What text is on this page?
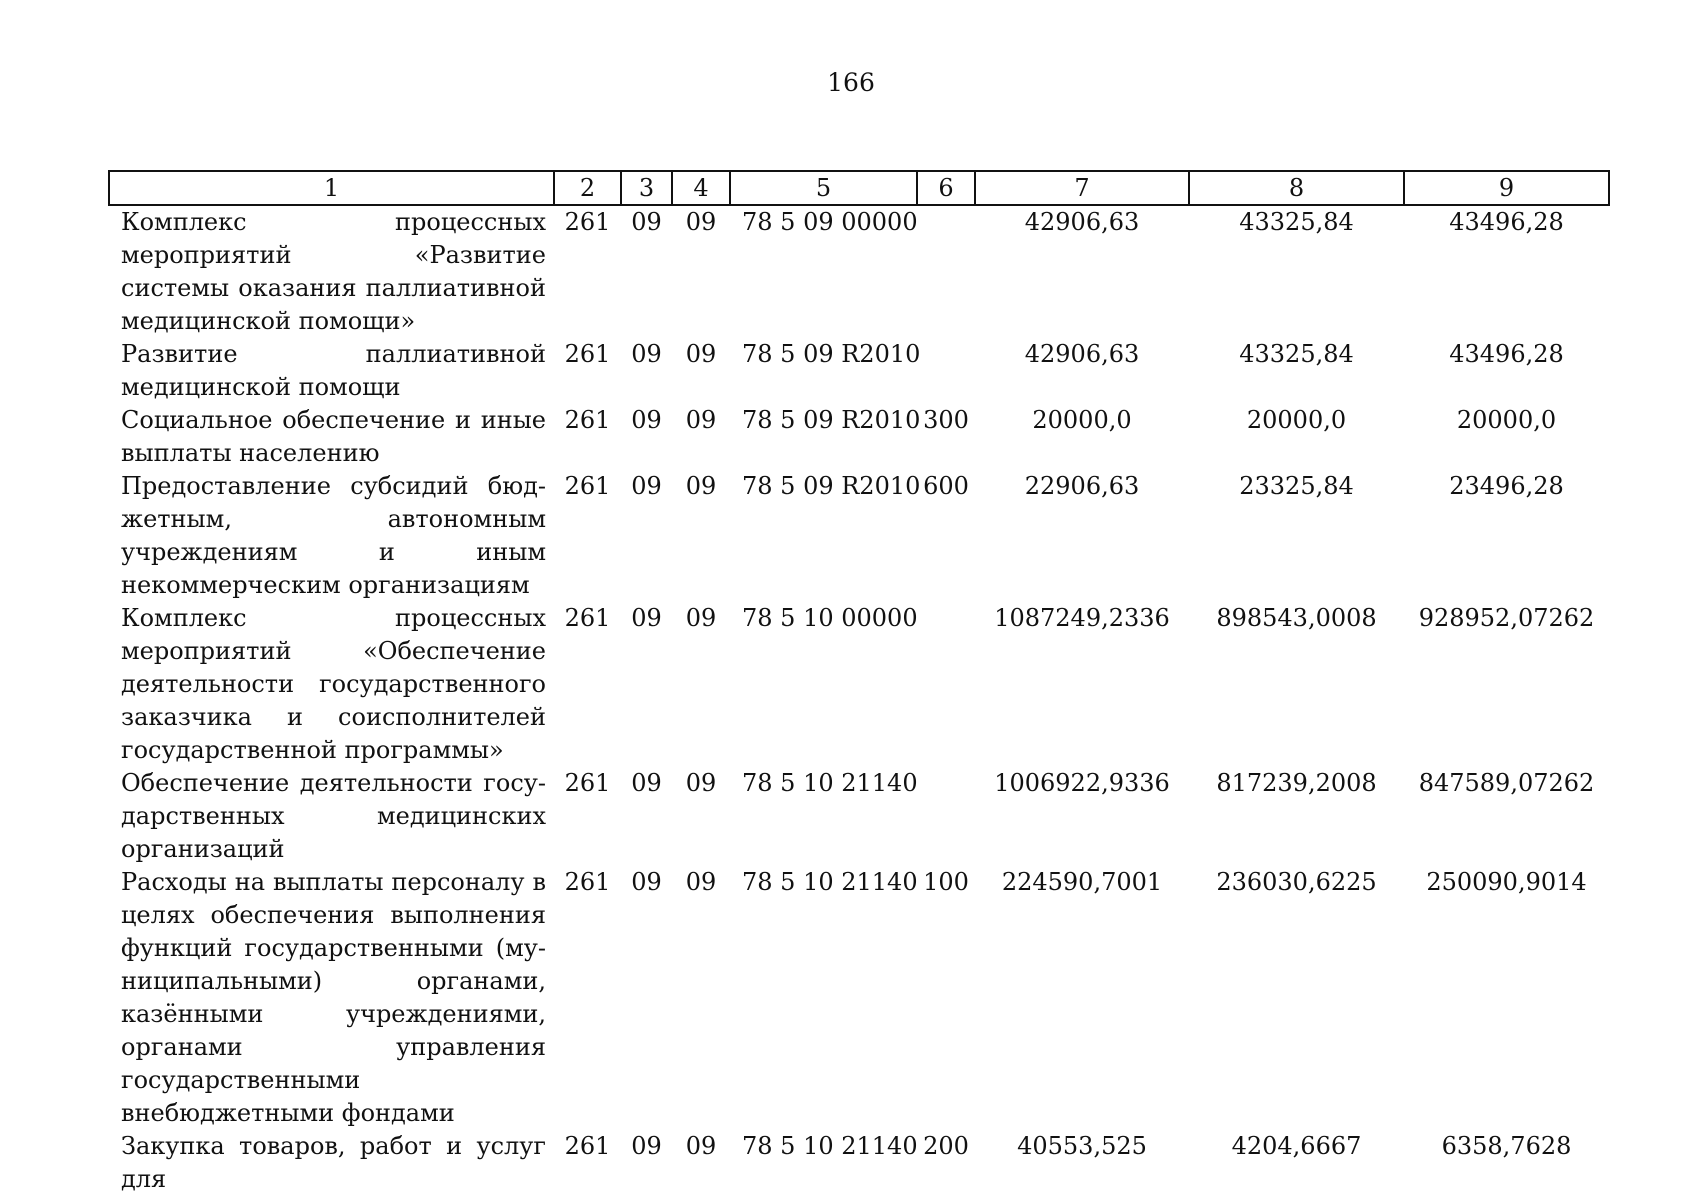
166
1	2	3	4	5	6	7	8	9
Комплекс процессных мероприятий «Развитие системы оказания паллиативной медицинской помощи»	261	09	09	78 5 09 00000		42906,63	43325,84	43496,28
Развитие паллиативной медицинской помощи	261	09	09	78 5 09 R2010		42906,63	43325,84	43496,28
Социальное обеспечение и иные выплаты населению	261	09	09	78 5 09 R2010	300	20000,0	20000,0	20000,0
Предоставление субсидий бюджетным, автономным учреждениям и иным некоммерческим организациям	261	09	09	78 5 09 R2010	600	22906,63	23325,84	23496,28
Комплекс процессных мероприятий «Обеспечение деятельности государственного заказчика и соисполнителей государственной программы»	261	09	09	78 5 10 00000		1087249,2336	898543,0008	928952,07262
Обеспечение деятельности государственных медицинских организаций	261	09	09	78 5 10 21140		1006922,9336	817239,2008	847589,07262
Расходы на выплаты персоналу в целях обеспечения выполнения функций государственными (муниципальными) органами, казёнными учреждениями, органами управления государственными внебюджетными фондами	261	09	09	78 5 10 21140	100	224590,7001	236030,6225	250090,9014
Закупка товаров, работ и услуг для	261	09	09	78 5 10 21140	200	40553,525	4204,6667	6358,7628
